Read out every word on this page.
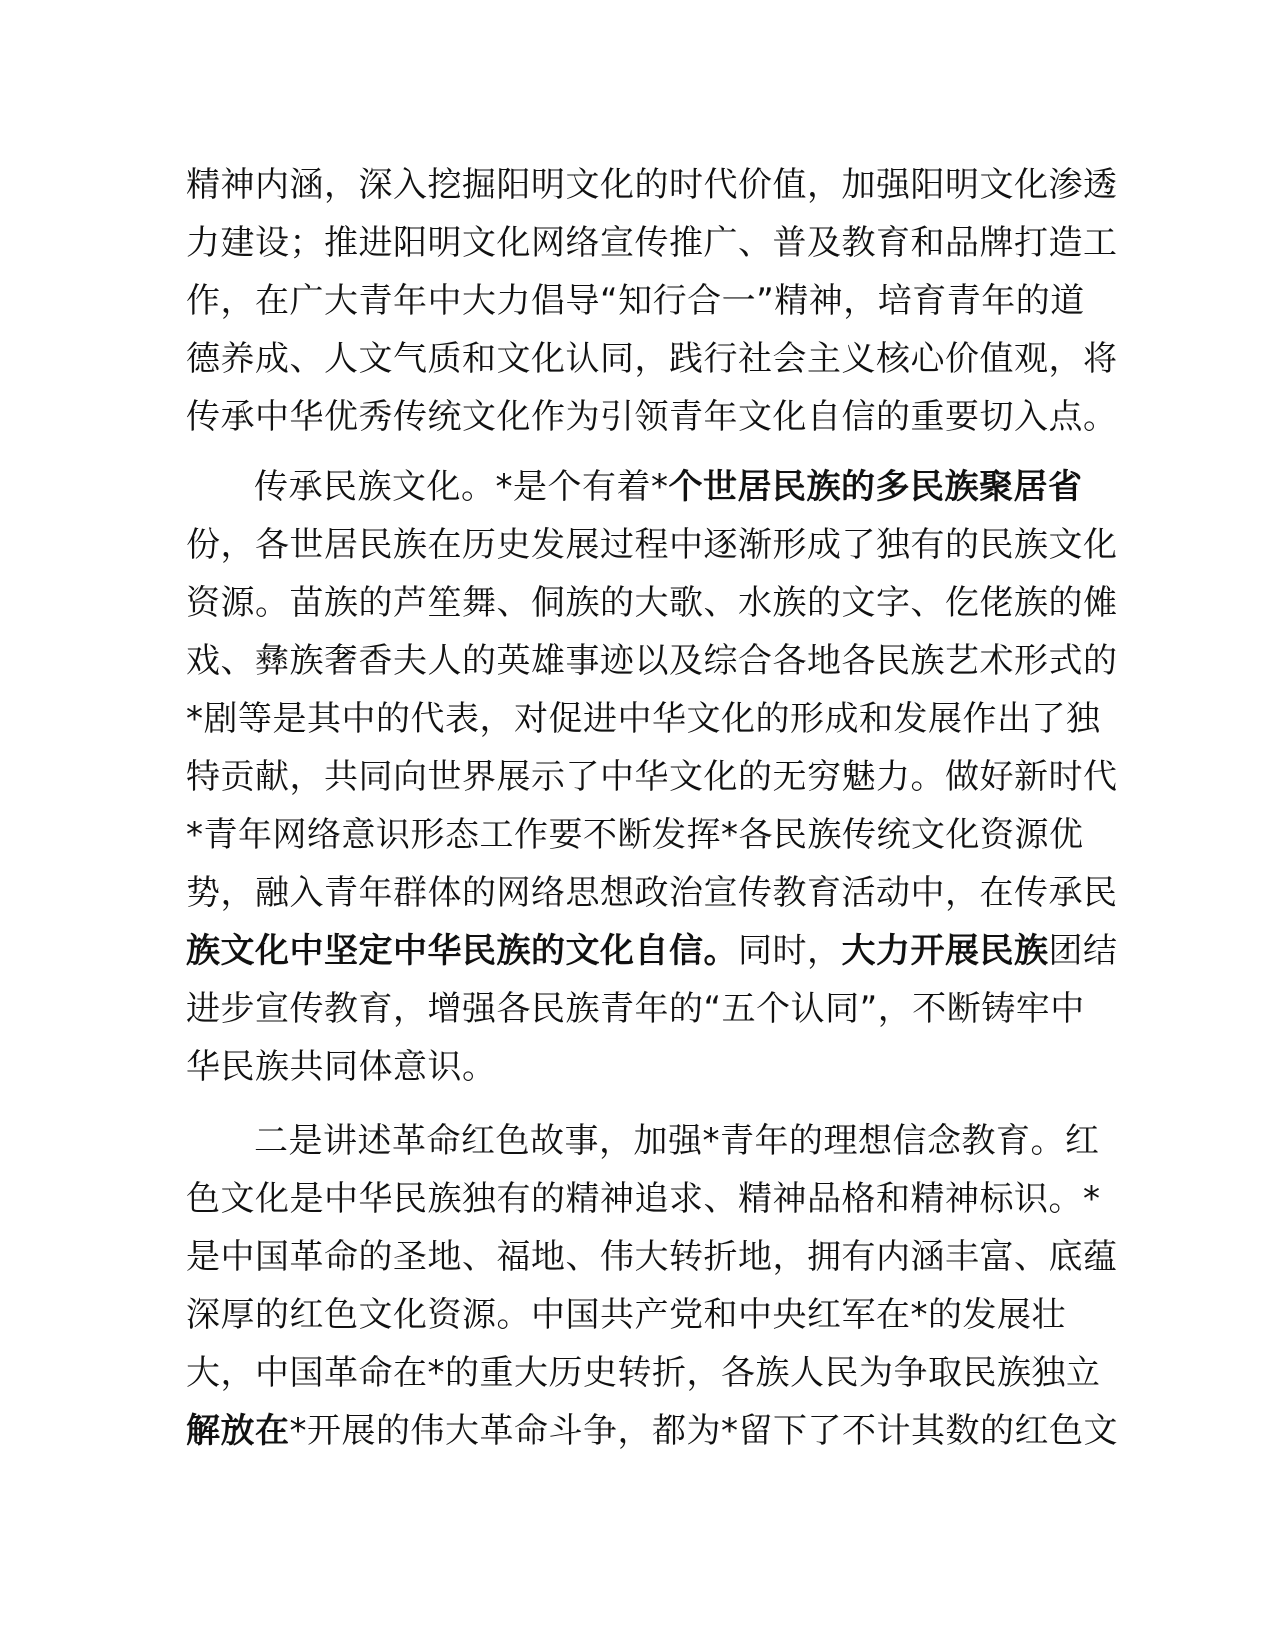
精神内涵，深入挖掘阳明文化的时代价值，加强阳明文化渗透
力建设；推进阳明文化网络宣传推广、普及教育和品牌打造工
作，在广大青年中大力倡导“知行合一”精神，培育青年的道
德养成、人文气质和文化认同，践行社会主义核心价值观，将
传承中华优秀传统文化作为引领青年文化自信的重要切入点。
传承民族文化。*是个有着*个世居民族的多民族聚居省
份，各世居民族在历史发展过程中逐渐形成了独有的民族文化
资源。苗族的芦笙舞、侗族的大歌、水族的文字、仡佬族的傩
戏、彝族奢香夫人的英雄事迹以及综合各地各民族艺术形式的
*剧等是其中的代表，对促进中华文化的形成和发展作出了独
特贡献，共同向世界展示了中华文化的无穷魅力。做好新时代
*青年网络意识形态工作要不断发挥*各民族传统文化资源优
势，融入青年群体的网络思想政治宣传教育活动中，在传承民
族文化中坚定中华民族的文化自信。同时，大力开展民族团结
进步宣传教育，增强各民族青年的“五个认同”，不断铸牢中
华民族共同体意识。
二是讲述革命红色故事，加强*青年的理想信念教育。红
色文化是中华民族独有的精神追求、精神品格和精神标识。*
是中国革命的圣地、福地、伟大转折地，拥有内涵丰富、底蕴
深厚的红色文化资源。中国共产党和中央红军在*的发展壮
大，中国革命在*的重大历史转折，各族人民为争取民族独立
解放在*开展的伟大革命斗争，都为*留下了不计其数的红色文
